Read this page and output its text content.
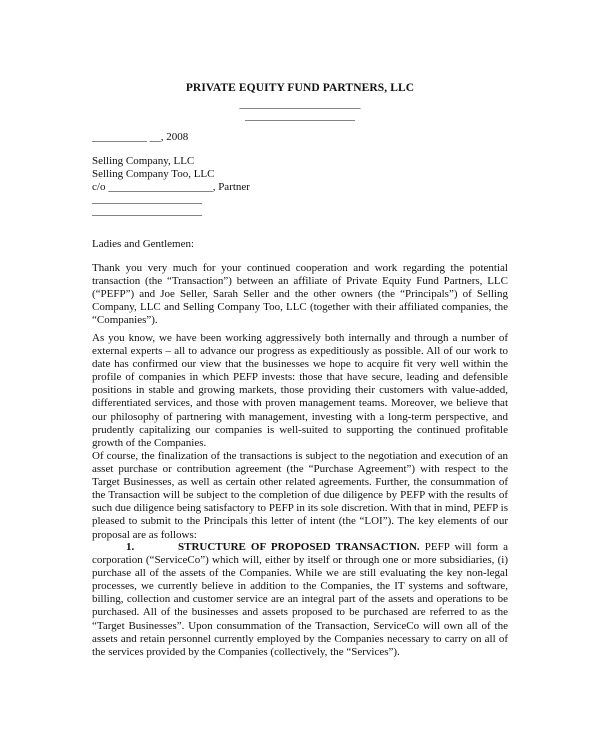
PRIVATE EQUITY FUND PARTNERS, LLC
______________________
____________________
__________ __, 2008
Selling Company, LLC
Selling Company Too, LLC
c/o ___________________, Partner
____________________
____________________
Ladies and Gentlemen:
Thank you very much for your continued cooperation and work regarding the potential transaction (the “Transaction”) between an affiliate of Private Equity Fund Partners, LLC (“PEFP”) and Joe Seller, Sarah Seller and the other owners (the “Principals”) of Selling Company, LLC and Selling Company Too, LLC (together with their affiliated companies, the “Companies”).
As you know, we have been working aggressively both internally and through a number of external experts – all to advance our progress as expeditiously as possible. All of our work to date has confirmed our view that the businesses we hope to acquire fit very well within the profile of companies in which PEFP invests: those that have secure, leading and defensible positions in stable and growing markets, those providing their customers with value-added, differentiated services, and those with proven management teams. Moreover, we believe that our philosophy of partnering with management, investing with a long-term perspective, and prudently capitalizing our companies is well-suited to supporting the continued profitable growth of the Companies.
Of course, the finalization of the transactions is subject to the negotiation and execution of an asset purchase or contribution agreement (the “Purchase Agreement”) with respect to the Target Businesses, as well as certain other related agreements. Further, the consummation of the Transaction will be subject to the completion of due diligence by PEFP with the results of such due diligence being satisfactory to PEFP in its sole discretion. With that in mind, PEFP is pleased to submit to the Principals this letter of intent (the “LOI”). The key elements of our proposal are as follows:
1.	STRUCTURE OF PROPOSED TRANSACTION. PEFP will form a corporation (“ServiceCo”) which will, either by itself or through one or more subsidiaries, (i) purchase all of the assets of the Companies. While we are still evaluating the key non-legal processes, we currently believe in addition to the Companies, the IT systems and software, billing, collection and customer service are an integral part of the assets and operations to be purchased. All of the businesses and assets proposed to be purchased are referred to as the “Target Businesses”. Upon consummation of the Transaction, ServiceCo will own all of the assets and retain personnel currently employed by the Companies necessary to carry on all of the services provided by the Companies (collectively, the “Services”).
